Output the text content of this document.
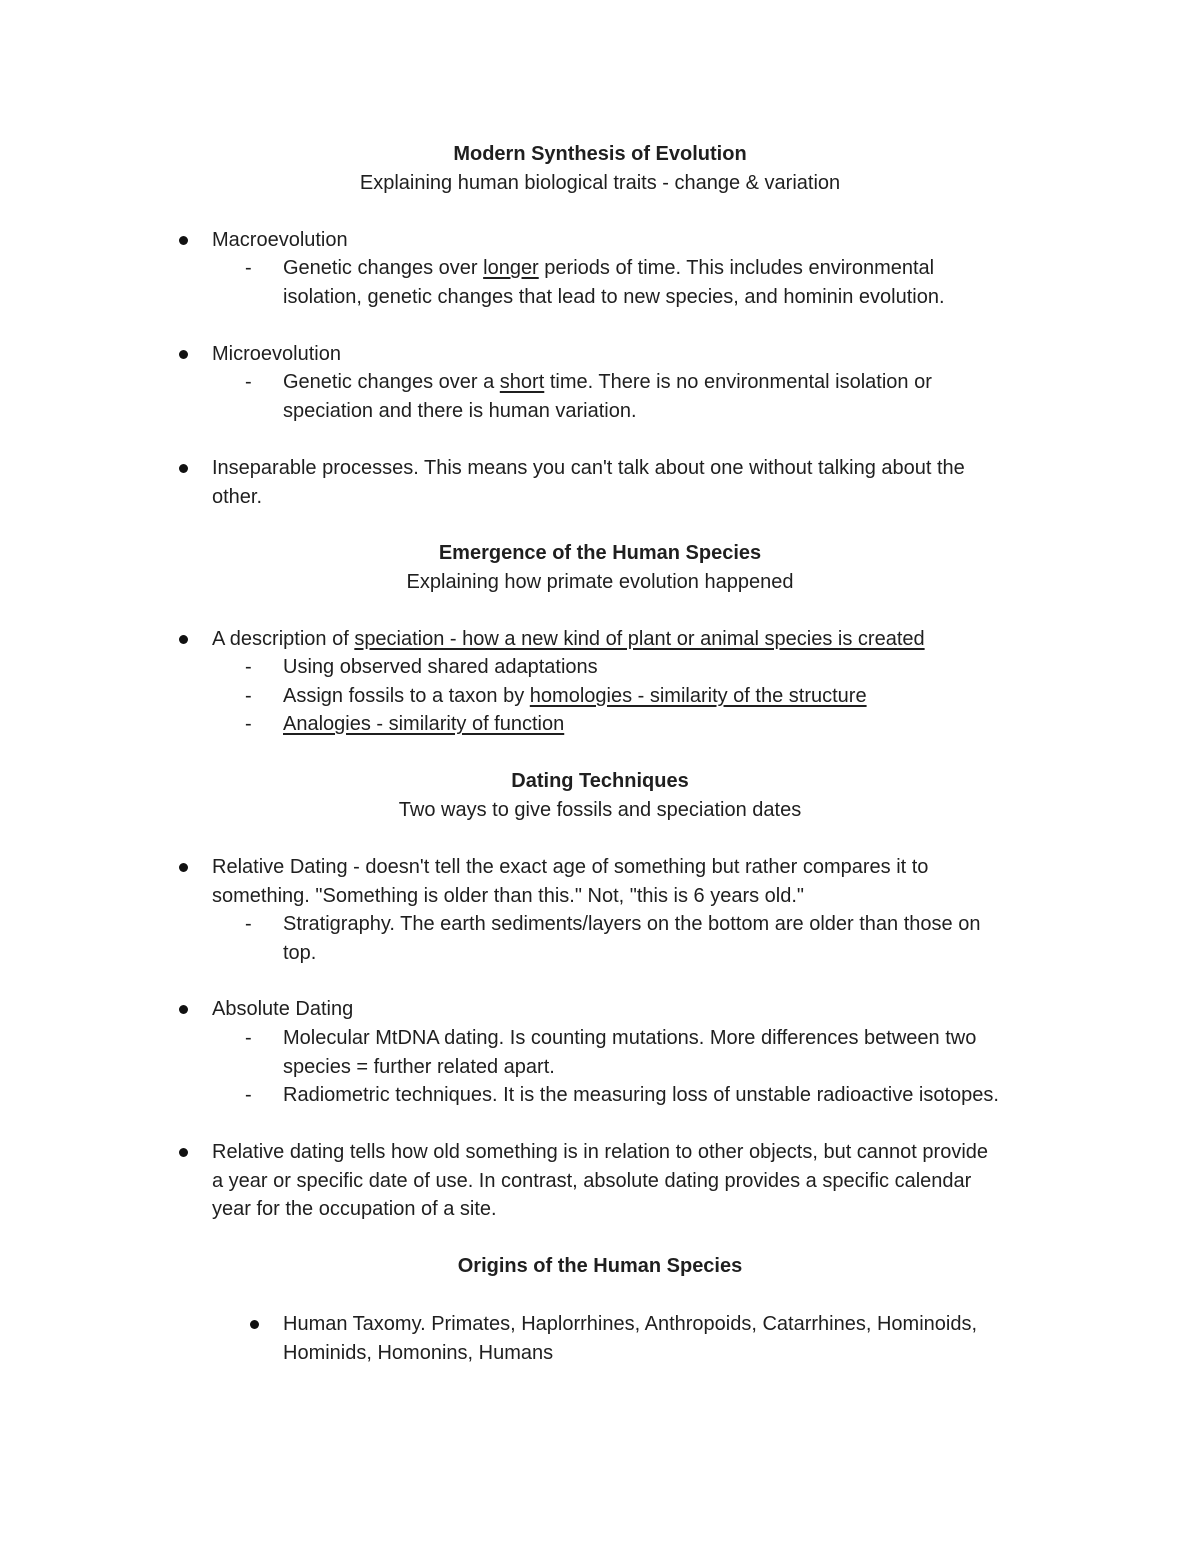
Modern Synthesis of Evolution
Explaining human biological traits - change & variation
Macroevolution
- Genetic changes over longer periods of time. This includes environmental
isolation, genetic changes that lead to new species, and hominin evolution.
Microevolution
- Genetic changes over a short time. There is no environmental isolation or
speciation and there is human variation.
Inseparable processes. This means you can't talk about one without talking about the
other.
Emergence of the Human Species
Explaining how primate evolution happened
A description of speciation - how a new kind of plant or animal species is created
- Using observed shared adaptations
- Assign fossils to a taxon by homologies - similarity of the structure
- Analogies - similarity of function
Dating Techniques
Two ways to give fossils and speciation dates
Relative Dating - doesn't tell the exact age of something but rather compares it to
something. "Something is older than this." Not, "this is 6 years old."
- Stratigraphy. The earth sediments/layers on the bottom are older than those on
top.
Absolute Dating
- Molecular MtDNA dating. Is counting mutations. More differences between two
species = further related apart.
- Radiometric techniques. It is the measuring loss of unstable radioactive isotopes.
Relative dating tells how old something is in relation to other objects, but cannot provide
a year or specific date of use. In contrast, absolute dating provides a specific calendar
year for the occupation of a site.
Origins of the Human Species
Human Taxomy. Primates, Haplorrhines, Anthropoids, Catarrhines, Hominoids,
Hominids, Homonins, Humans
